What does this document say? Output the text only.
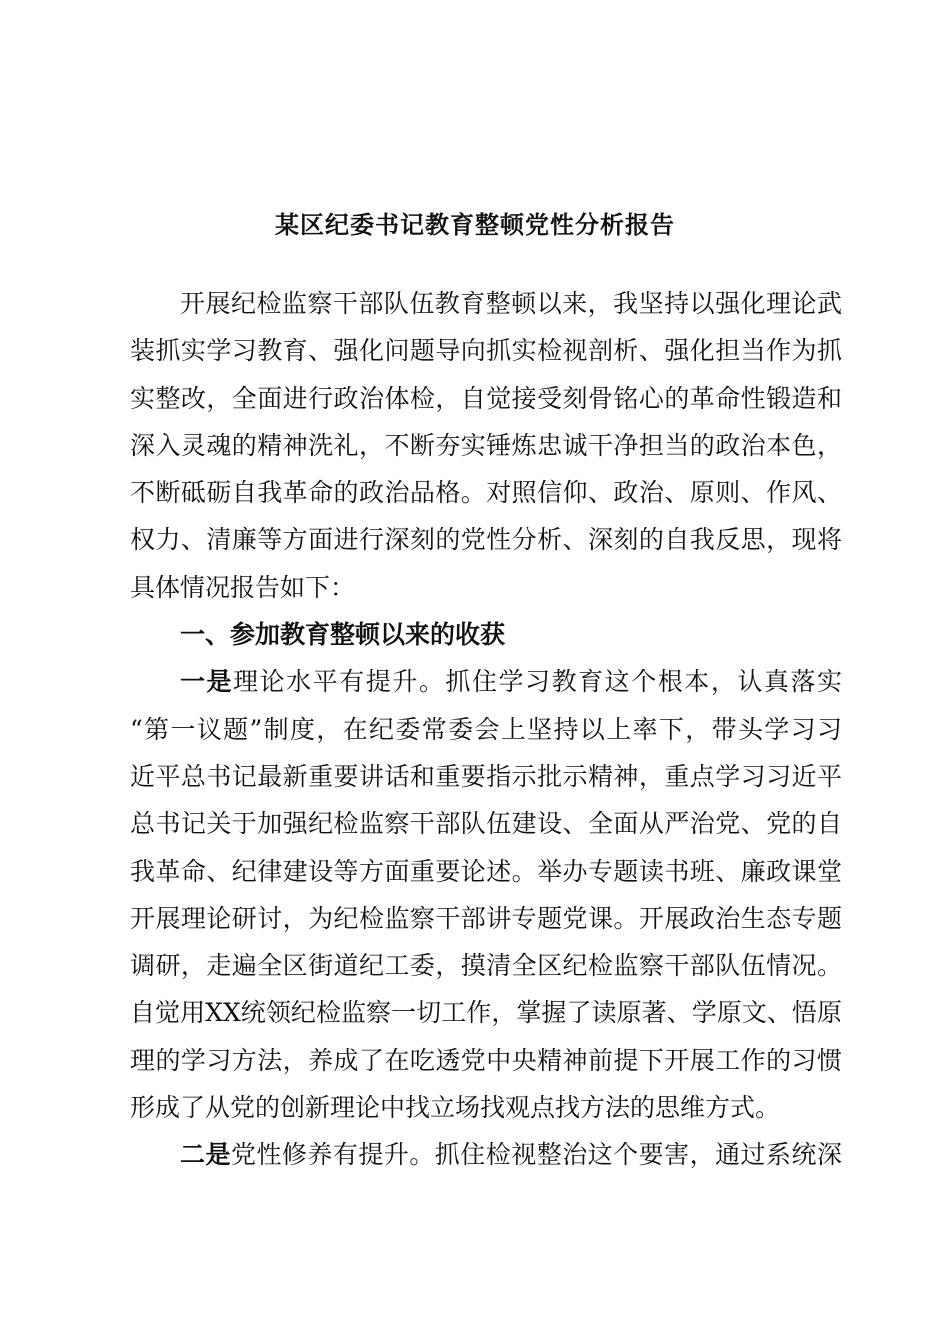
某区纪委书记教育整顿党性分析报告
开展纪检监察干部队伍教育整顿以来，我坚持以强化理论武
装抓实学习教育、强化问题导向抓实检视剖析、强化担当作为抓
实整改，全面进行政治体检，自觉接受刻骨铭心的革命性锻造和
深入灵魂的精神洗礼，不断夯实锤炼忠诚干净担当的政治本色，
不断砥砺自我革命的政治品格。对照信仰、政治、原则、作风、
权力、清廉等方面进行深刻的党性分析、深刻的自我反思，现将
具体情况报告如下：
一、参加教育整顿以来的收获
一是理论水平有提升。抓住学习教育这个根本，认真落实
“第一议题”制度，在纪委常委会上坚持以上率下，带头学习习
近平总书记最新重要讲话和重要指示批示精神，重点学习习近平
总书记关于加强纪检监察干部队伍建设、全面从严治党、党的自
我革命、纪律建设等方面重要论述。举办专题读书班、廉政课堂
开展理论研讨，为纪检监察干部讲专题党课。开展政治生态专题
调研，走遍全区街道纪工委，摸清全区纪检监察干部队伍情况。
自觉用XX统领纪检监察一切工作，掌握了读原著、学原文、悟原
理的学习方法，养成了在吃透党中央精神前提下开展工作的习惯
形成了从党的创新理论中找立场找观点找方法的思维方式。
二是党性修养有提升。抓住检视整治这个要害，通过系统深
